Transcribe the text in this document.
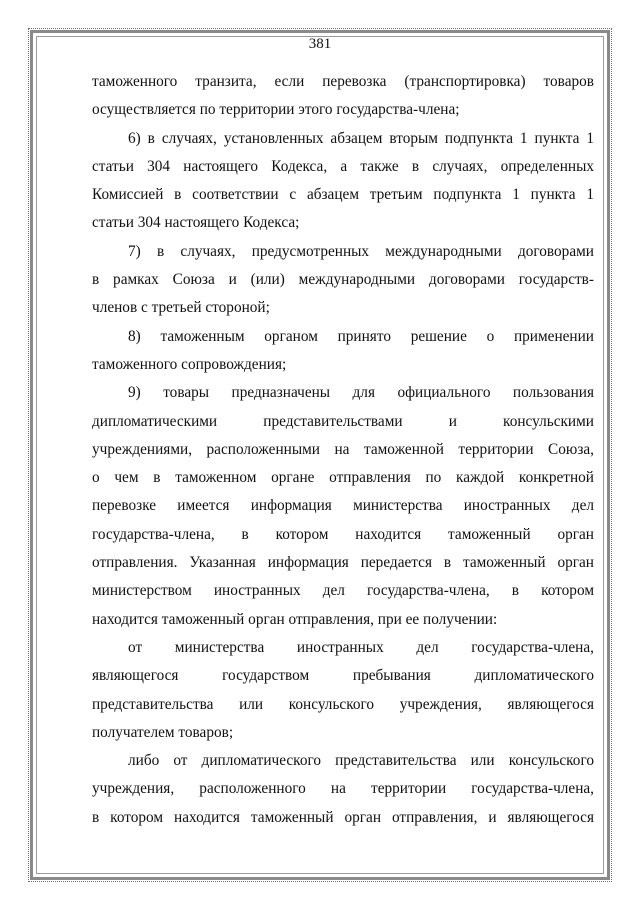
381
таможенного транзита, если перевозка (транспортировка) товаров
осуществляется по территории этого государства-члена;
6) в случаях, установленных абзацем вторым подпункта 1 пункта 1
статьи 304 настоящего Кодекса, а также в случаях, определенных
Комиссией в соответствии с абзацем третьим подпункта 1 пункта 1
статьи 304 настоящего Кодекса;
7) в случаях, предусмотренных международными договорами
в рамках Союза и (или) международными договорами государств-
членов с третьей стороной;
8) таможенным органом принято решение о применении
таможенного сопровождения;
9) товары предназначены для официального пользования
дипломатическими представительствами и консульскими
учреждениями, расположенными на таможенной территории Союза,
о чем в таможенном органе отправления по каждой конкретной
перевозке имеется информация министерства иностранных дел
государства-члена, в котором находится таможенный орган
отправления. Указанная информация передается в таможенный орган
министерством иностранных дел государства-члена, в котором
находится таможенный орган отправления, при ее получении:
от министерства иностранных дел государства-члена,
являющегося государством пребывания дипломатического
представительства или консульского учреждения, являющегося
получателем товаров;
либо от дипломатического представительства или консульского
учреждения, расположенного на территории государства-члена,
в котором находится таможенный орган отправления, и являющегося
